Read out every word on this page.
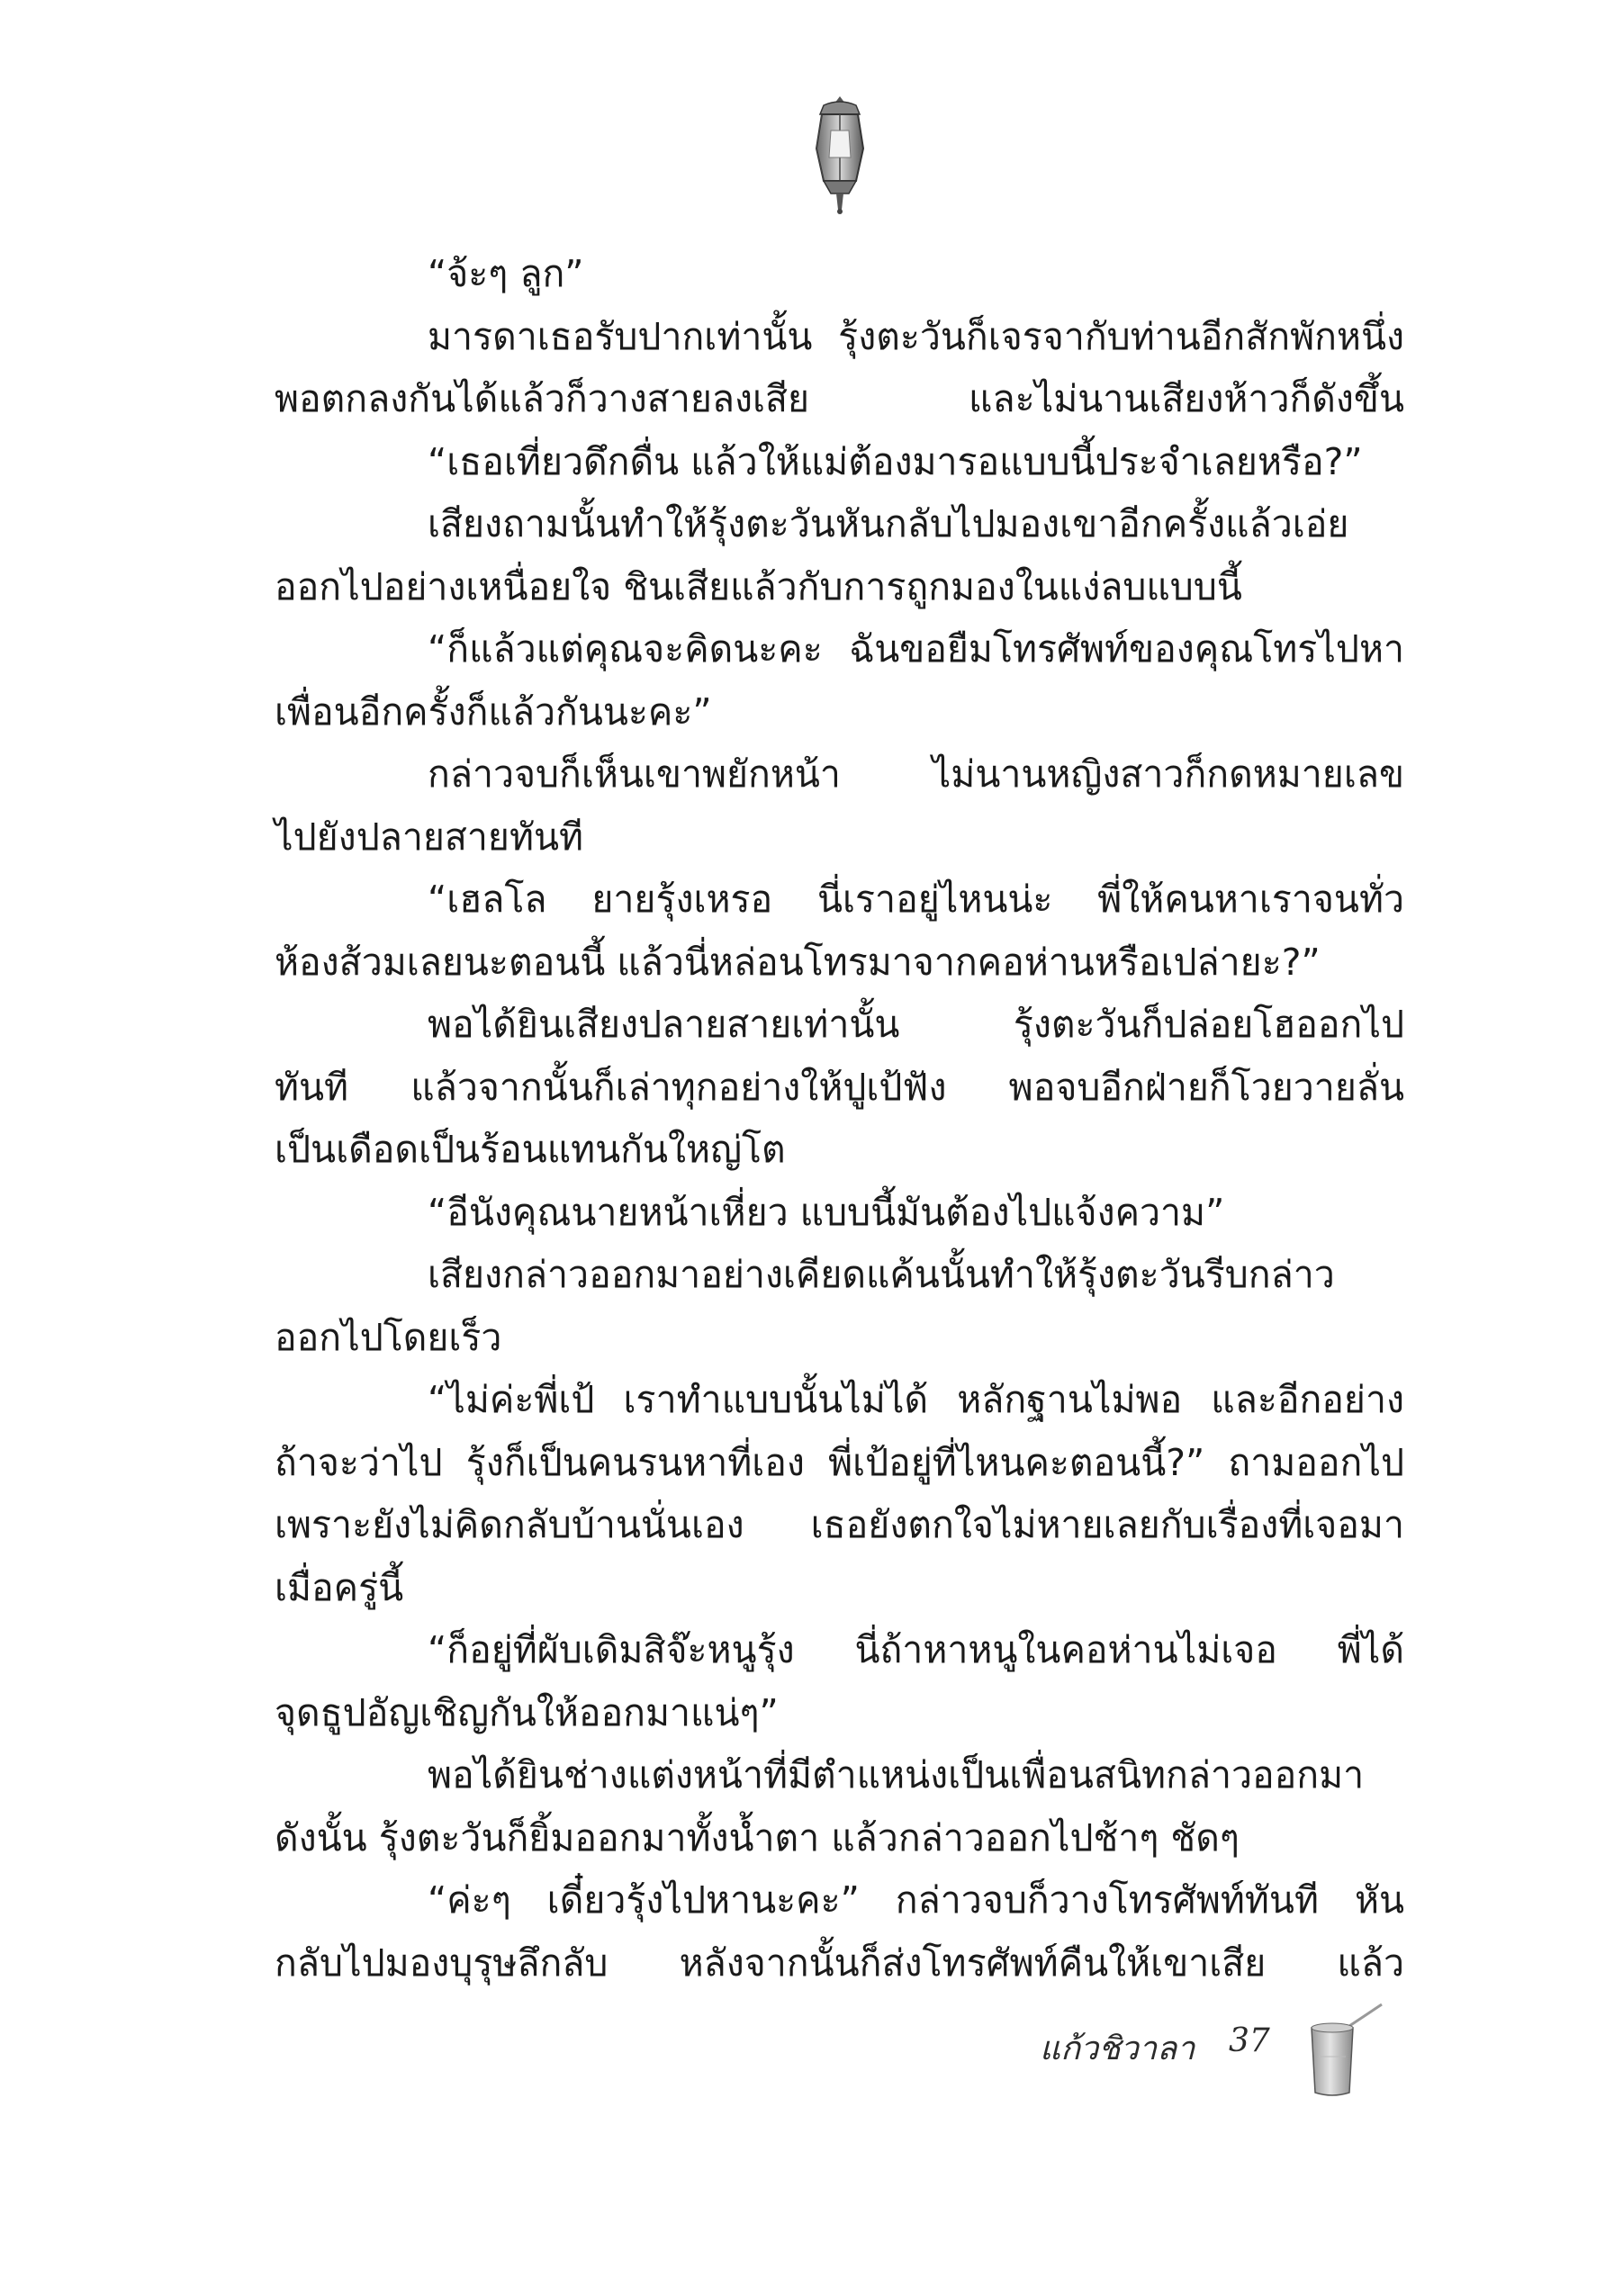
“จ้ะๆ ลูก”
มารดาเธอรับปากเท่านั้น รุ้งตะวันก็เจรจากับท่านอีกสักพักหนึ่ง
พอตกลงกันได้แล้วก็วางสายลงเสีย และไม่นานเสียงห้าวก็ดังขึ้น
“เธอเที่ยวดึกดื่น แล้วให้แม่ต้องมารอแบบนี้ประจำเลยหรือ?”
เสียงถามนั้นทำให้รุ้งตะวันหันกลับไปมองเขาอีกครั้งแล้วเอ่ย
ออกไปอย่างเหนื่อยใจ ชินเสียแล้วกับการถูกมองในแง่ลบแบบนี้
“ก็แล้วแต่คุณจะคิดนะคะ ฉันขอยืมโทรศัพท์ของคุณโทรไปหา
เพื่อนอีกครั้งก็แล้วกันนะคะ”
กล่าวจบก็เห็นเขาพยักหน้า ไม่นานหญิงสาวก็กดหมายเลข
ไปยังปลายสายทันที
“เฮลโล ยายรุ้งเหรอ นี่เราอยู่ไหนน่ะ พี่ให้คนหาเราจนทั่ว
ห้องส้วมเลยนะตอนนี้ แล้วนี่หล่อนโทรมาจากคอห่านหรือเปล่ายะ?”
พอได้ยินเสียงปลายสายเท่านั้น รุ้งตะวันก็ปล่อยโฮออกไป
ทันที แล้วจากนั้นก็เล่าทุกอย่างให้ปูเป้ฟัง พอจบอีกฝ่ายก็โวยวายลั่น
เป็นเดือดเป็นร้อนแทนกันใหญ่โต
“อีนังคุณนายหน้าเหี่ยว แบบนี้มันต้องไปแจ้งความ”
เสียงกล่าวออกมาอย่างเคียดแค้นนั้นทำให้รุ้งตะวันรีบกล่าว
ออกไปโดยเร็ว
“ไม่ค่ะพี่เป้ เราทำแบบนั้นไม่ได้ หลักฐานไม่พอ และอีกอย่าง
ถ้าจะว่าไป รุ้งก็เป็นคนรนหาที่เอง พี่เป้อยู่ที่ไหนคะตอนนี้?” ถามออกไป
เพราะยังไม่คิดกลับบ้านนั่นเอง เธอยังตกใจไม่หายเลยกับเรื่องที่เจอมา
เมื่อครู่นี้
“ก็อยู่ที่ผับเดิมสิจ๊ะหนูรุ้ง นี่ถ้าหาหนูในคอห่านไม่เจอ พี่ได้
จุดธูปอัญเชิญกันให้ออกมาแน่ๆ”
พอได้ยินช่างแต่งหน้าที่มีตำแหน่งเป็นเพื่อนสนิทกล่าวออกมา
ดังนั้น รุ้งตะวันก็ยิ้มออกมาทั้งน้ำตา แล้วกล่าวออกไปช้าๆ ชัดๆ
“ค่ะๆ เดี๋ยวรุ้งไปหานะคะ” กล่าวจบก็วางโทรศัพท์ทันที หัน
กลับไปมองบุรุษลึกลับ หลังจากนั้นก็ส่งโทรศัพท์คืนให้เขาเสีย แล้ว
แก้วชิวาลา 37
